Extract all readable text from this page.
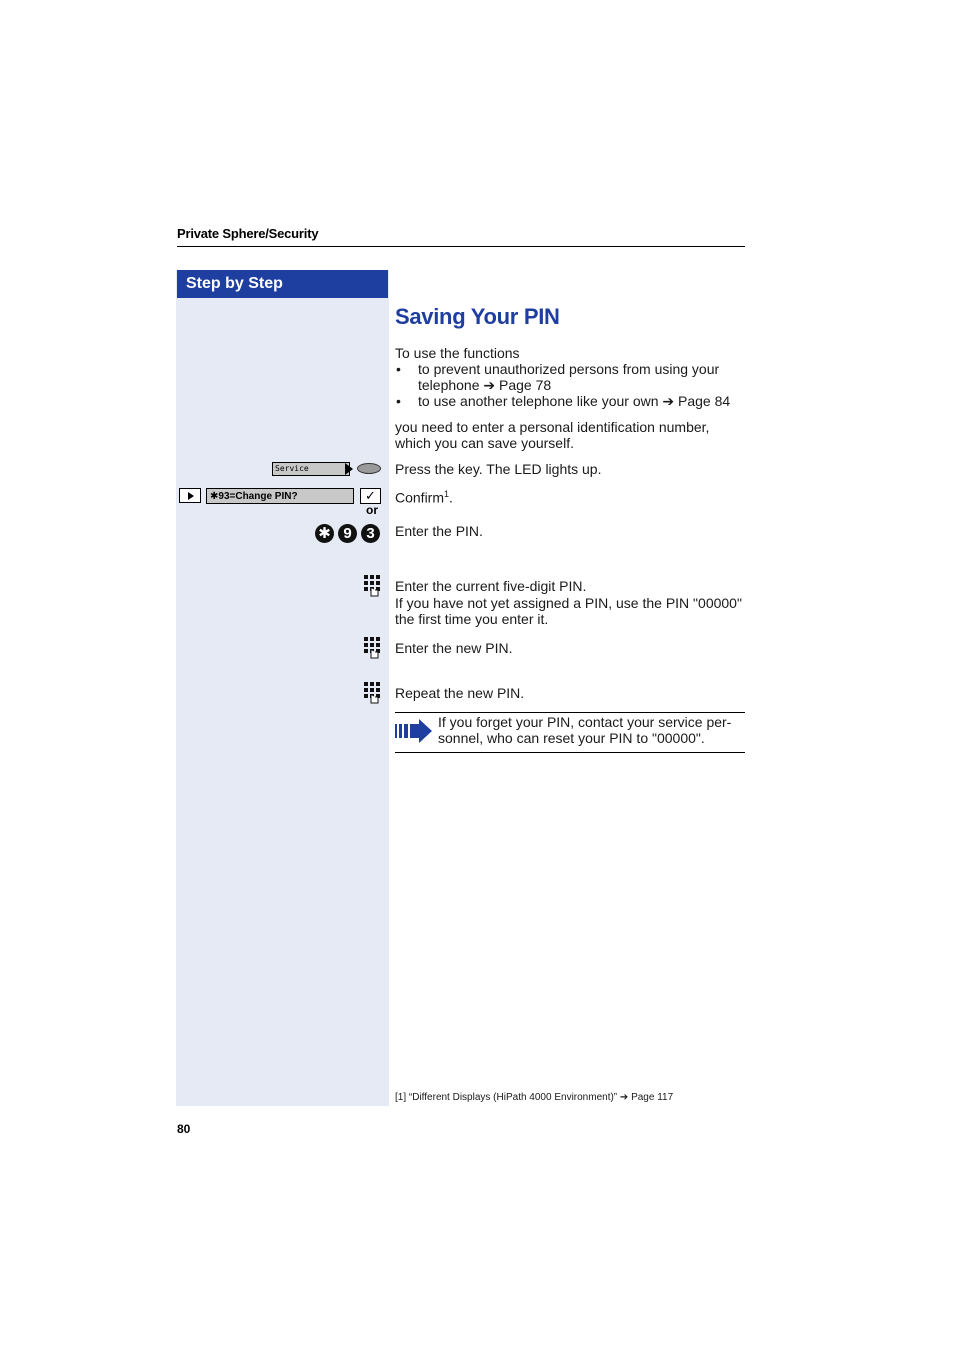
Private Sphere/Security
Step by Step
Saving Your PIN
To use the functions
• to prevent unauthorized persons from using your
telephone ➔ Page 78
• to use another telephone like your own ➔ Page 84
you need to enter a personal identification number,
which you can save yourself.
Service	Press the key. The LED lights up.
✱93=Change PIN?	✓	Confirm$^1$.
or
✱ 9 3	Enter the PIN.
Enter the current five-digit PIN.
If you have not yet assigned a PIN, use the PIN "00000"
the first time you enter it.
Enter the new PIN.
Repeat the new PIN.
If you forget your PIN, contact your service per-
sonnel, who can reset your PIN to "00000".
[1] “Different Displays (HiPath 4000 Environment)” ➔ Page 117
80
